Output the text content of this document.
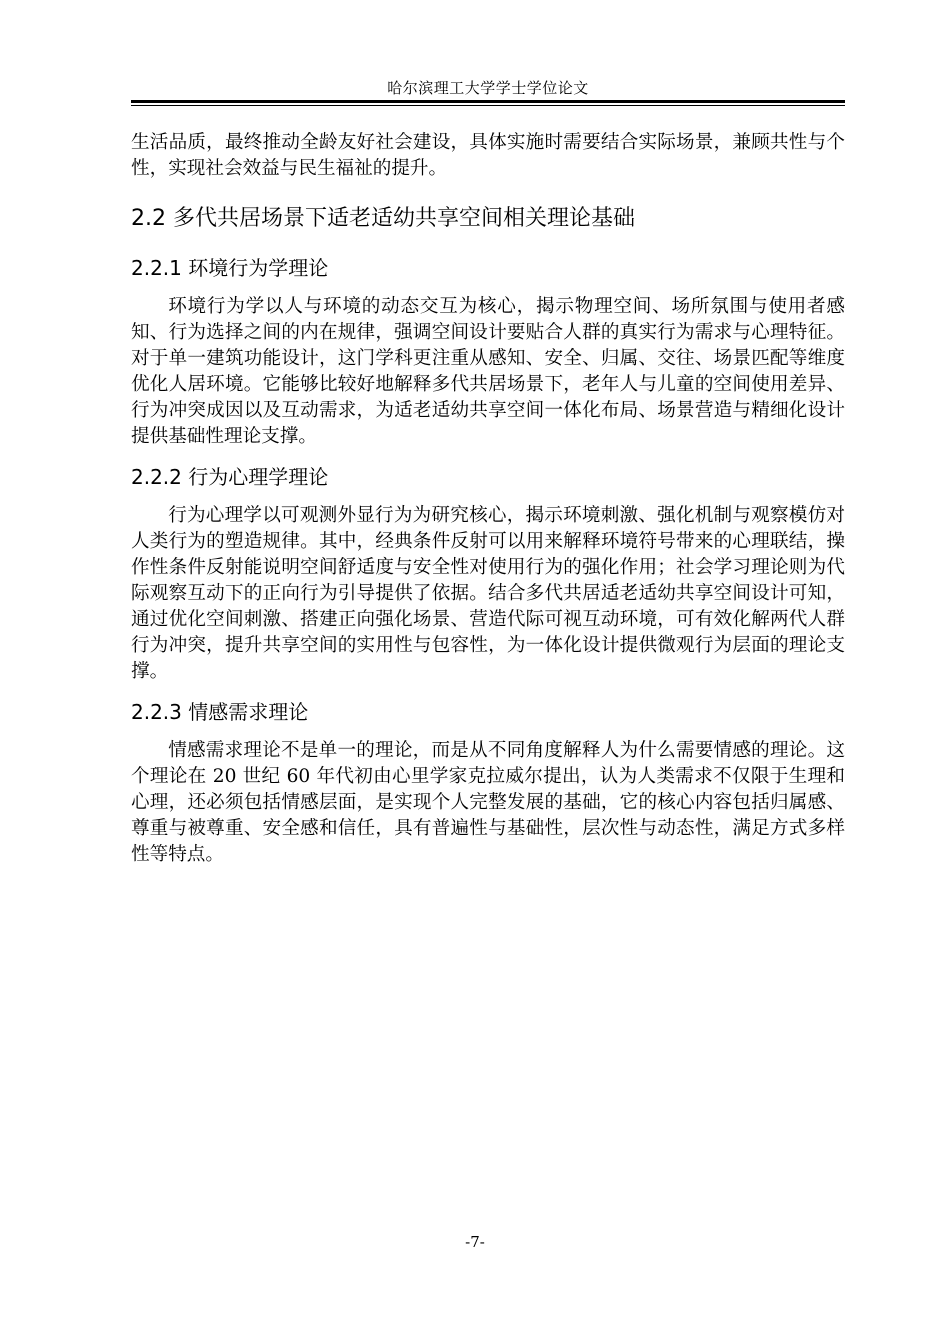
哈尔滨理工大学学士学位论文

生活品质，最终推动全龄友好社会建设，具体实施时需要结合实际场景，兼顾共性与个性，实现社会效益与民生福祉的提升。

2.2 多代共居场景下适老适幼共享空间相关理论基础
2.2.1 环境行为学理论

环境行为学以人与环境的动态交互为核心，揭示物理空间、场所氛围与使用者感知、行为选择之间的内在规律，强调空间设计要贴合人群的真实行为需求与心理特征。对于单一建筑功能设计，这门学科更注重从感知、安全、归属、交往、场景匹配等维度优化人居环境。它能够比较好地解释多代共居场景下，老年人与儿童的空间使用差异、行为冲突成因以及互动需求，为适老适幼共享空间一体化布局、场景营造与精细化设计提供基础性理论支撑。

2.2.2 行为心理学理论

行为心理学以可观测外显行为为研究核心，揭示环境刺激、强化机制与观察模仿对人类行为的塑造规律。其中，经典条件反射可以用来解释环境符号带来的心理联结，操作性条件反射能说明空间舒适度与安全性对使用行为的强化作用；社会学习理论则为代际观察互动下的正向行为引导提供了依据。结合多代共居适老适幼共享空间设计可知，通过优化空间刺激、搭建正向强化场景、营造代际可视互动环境，可有效化解两代人群行为冲突，提升共享空间的实用性与包容性，为一体化设计提供微观行为层面的理论支撑。

2.2.3 情感需求理论

情感需求理论不是单一的理论，而是从不同角度解释人为什么需要情感的理论。这个理论在 20 世纪 60 年代初由心里学家克拉威尔提出，认为人类需求不仅限于生理和心理，还必须包括情感层面，是实现个人完整发展的基础，它的核心内容包括归属感、尊重与被尊重、安全感和信任，具有普遍性与基础性，层次性与动态性，满足方式多样性等特点。

-7-
